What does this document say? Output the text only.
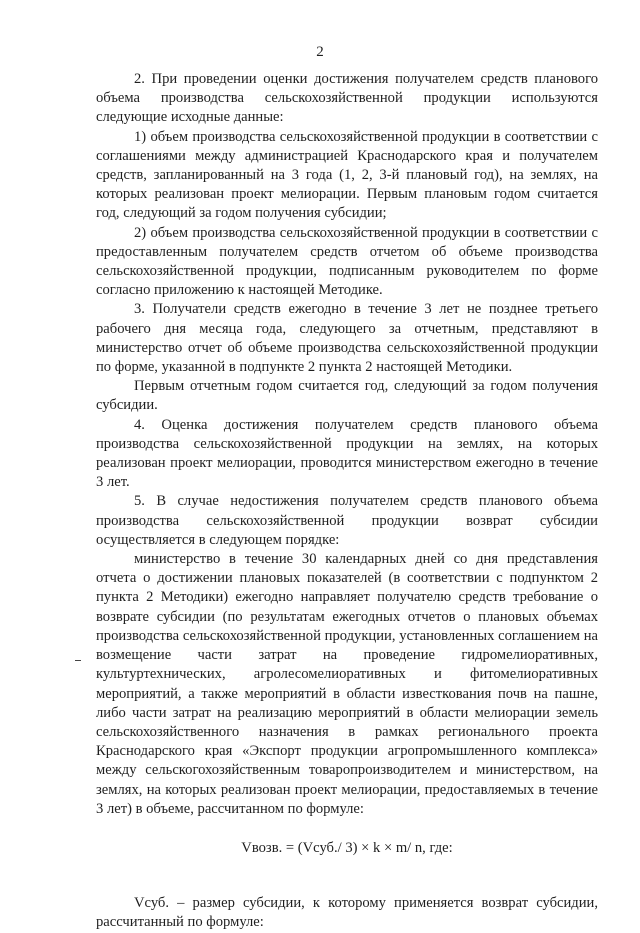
2

2. При проведении оценки достижения получателем средств планового объема производства сельскохозяйственной продукции используются следующие исходные данные:

1) объем производства сельскохозяйственной продукции в соответствии с соглашениями между администрацией Краснодарского края и получателем средств, запланированный на 3 года (1, 2, 3-й плановый год), на землях, на которых реализован проект мелиорации. Первым плановым годом считается год, следующий за годом получения субсидии;

2) объем производства сельскохозяйственной продукции в соответствии с предоставленным получателем средств отчетом об объеме производства сельскохозяйственной продукции, подписанным руководителем по форме согласно приложению к настоящей Методике.

3. Получатели средств ежегодно в течение 3 лет не позднее третьего рабочего дня месяца года, следующего за отчетным, представляют в министерство отчет об объеме производства сельскохозяйственной продукции по форме, указанной в подпункте 2 пункта 2 настоящей Методики.

Первым отчетным годом считается год, следующий за годом получения субсидии.

4. Оценка достижения получателем средств планового объема производства сельскохозяйственной продукции на землях, на которых реализован проект мелиорации, проводится министерством ежегодно в течение 3 лет.

5. В случае недостижения получателем средств планового объема производства сельскохозяйственной продукции возврат субсидии осуществляется в следующем порядке:

министерство в течение 30 календарных дней со дня представления отчета о достижении плановых показателей (в соответствии с подпунктом 2 пункта 2 Методики) ежегодно направляет получателю средств требование о возврате субсидии (по результатам ежегодных отчетов о плановых объемах производства сельскохозяйственной продукции, установленных соглашением на возмещение части затрат на проведение гидромелиоративных, культуртехнических, агролесомелиоративных и фитомелиоративных мероприятий, а также мероприятий в области известкования почв на пашне, либо части затрат на реализацию мероприятий в области мелиорации земель сельскохозяйственного назначения в рамках регионального проекта Краснодарского края «Экспорт продукции агропромышленного комплекса» между сельскогохозяйственным товаропроизводителем и министерством, на землях, на которых реализован проект мелиорации, предоставляемых в течение 3 лет) в объеме, рассчитанном по формуле:

Vвозв. = (Vсуб./ 3) × k × m/ n, где:

Vсуб. – размер субсидии, к которому применяется возврат субсидии, рассчитанный по формуле:
